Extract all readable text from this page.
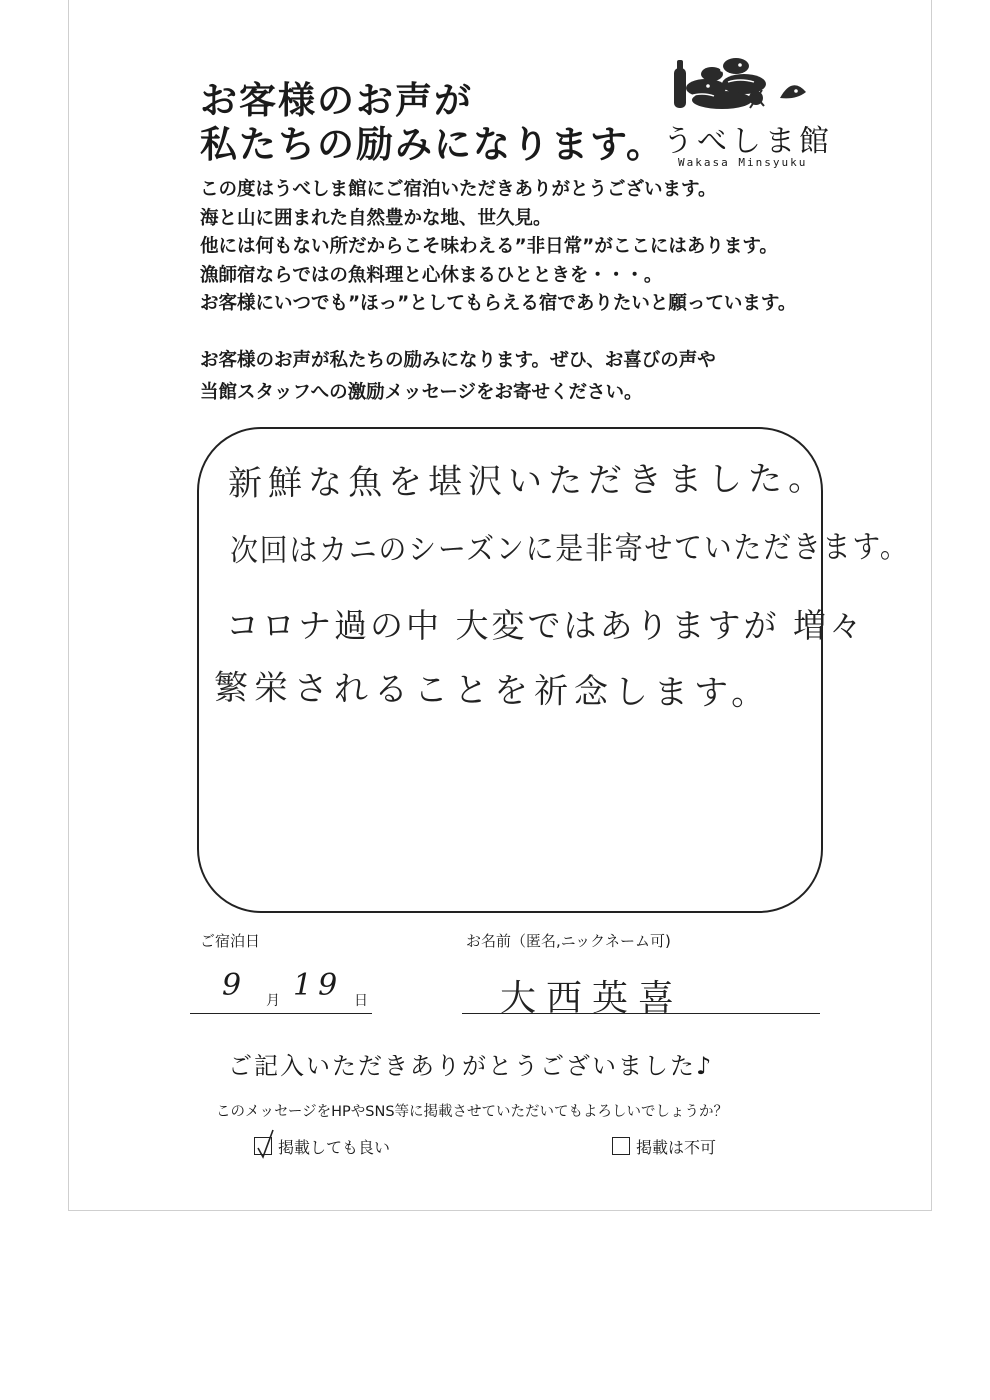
お客様のお声が
私たちの励みになります。
うべしま館
Wakasa Minsyuku
この度はうべしま館にご宿泊いただきありがとうございます。
海と山に囲まれた自然豊かな地、世久見。
他には何もない所だからこそ味わえる”非日常”がここにはあります。
漁師宿ならではの魚料理と心休まるひとときを・・・。
お客様にいつでも”ほっ”としてもらえる宿でありたいと願っています。
お客様のお声が私たちの励みになります。ぜひ、お喜びの声や
当館スタッフへの激励メッセージをお寄せください。
新鮮な魚を堪沢いただきました。
次回はカニのシーズンに是非寄せていただきます。
コロナ過の中 大変ではありますが 増々
繁栄されることを祈念します。
ご宿泊日
9 月 19 日
お名前（匿名,ニックネーム可)
大西英喜
ご記入いただきありがとうございました♪
このメッセージをHPやSNS等に掲載させていただいてもよろしいでしょうか？
掲載しても良い	掲載は不可
